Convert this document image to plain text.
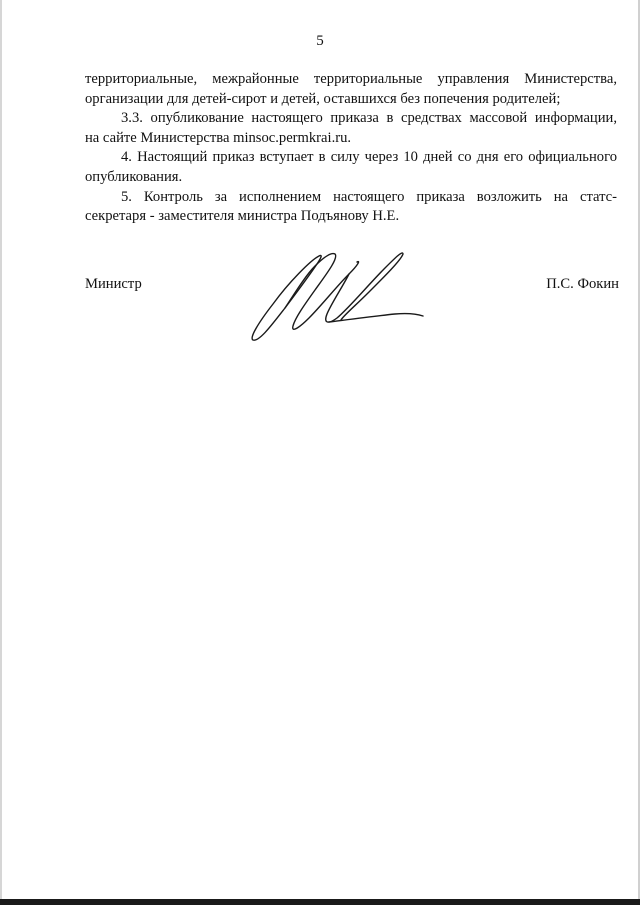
5

территориальные, межрайонные территориальные управления Министерства,

организации для детей-сирот и детей, оставшихся без попечения родителей;

3.3. опубликование настоящего приказа в средствах массовой информации,

на сайте Министерства minsoc.permkrai.ru.

4. Настоящий приказ вступает в силу через 10 дней со дня его официального

опубликования.

5. Контроль за исполнением настоящего приказа возложить на статс-

секретаря - заместителя министра Подъянову Н.Е.

Министр	П.С. Фокин
